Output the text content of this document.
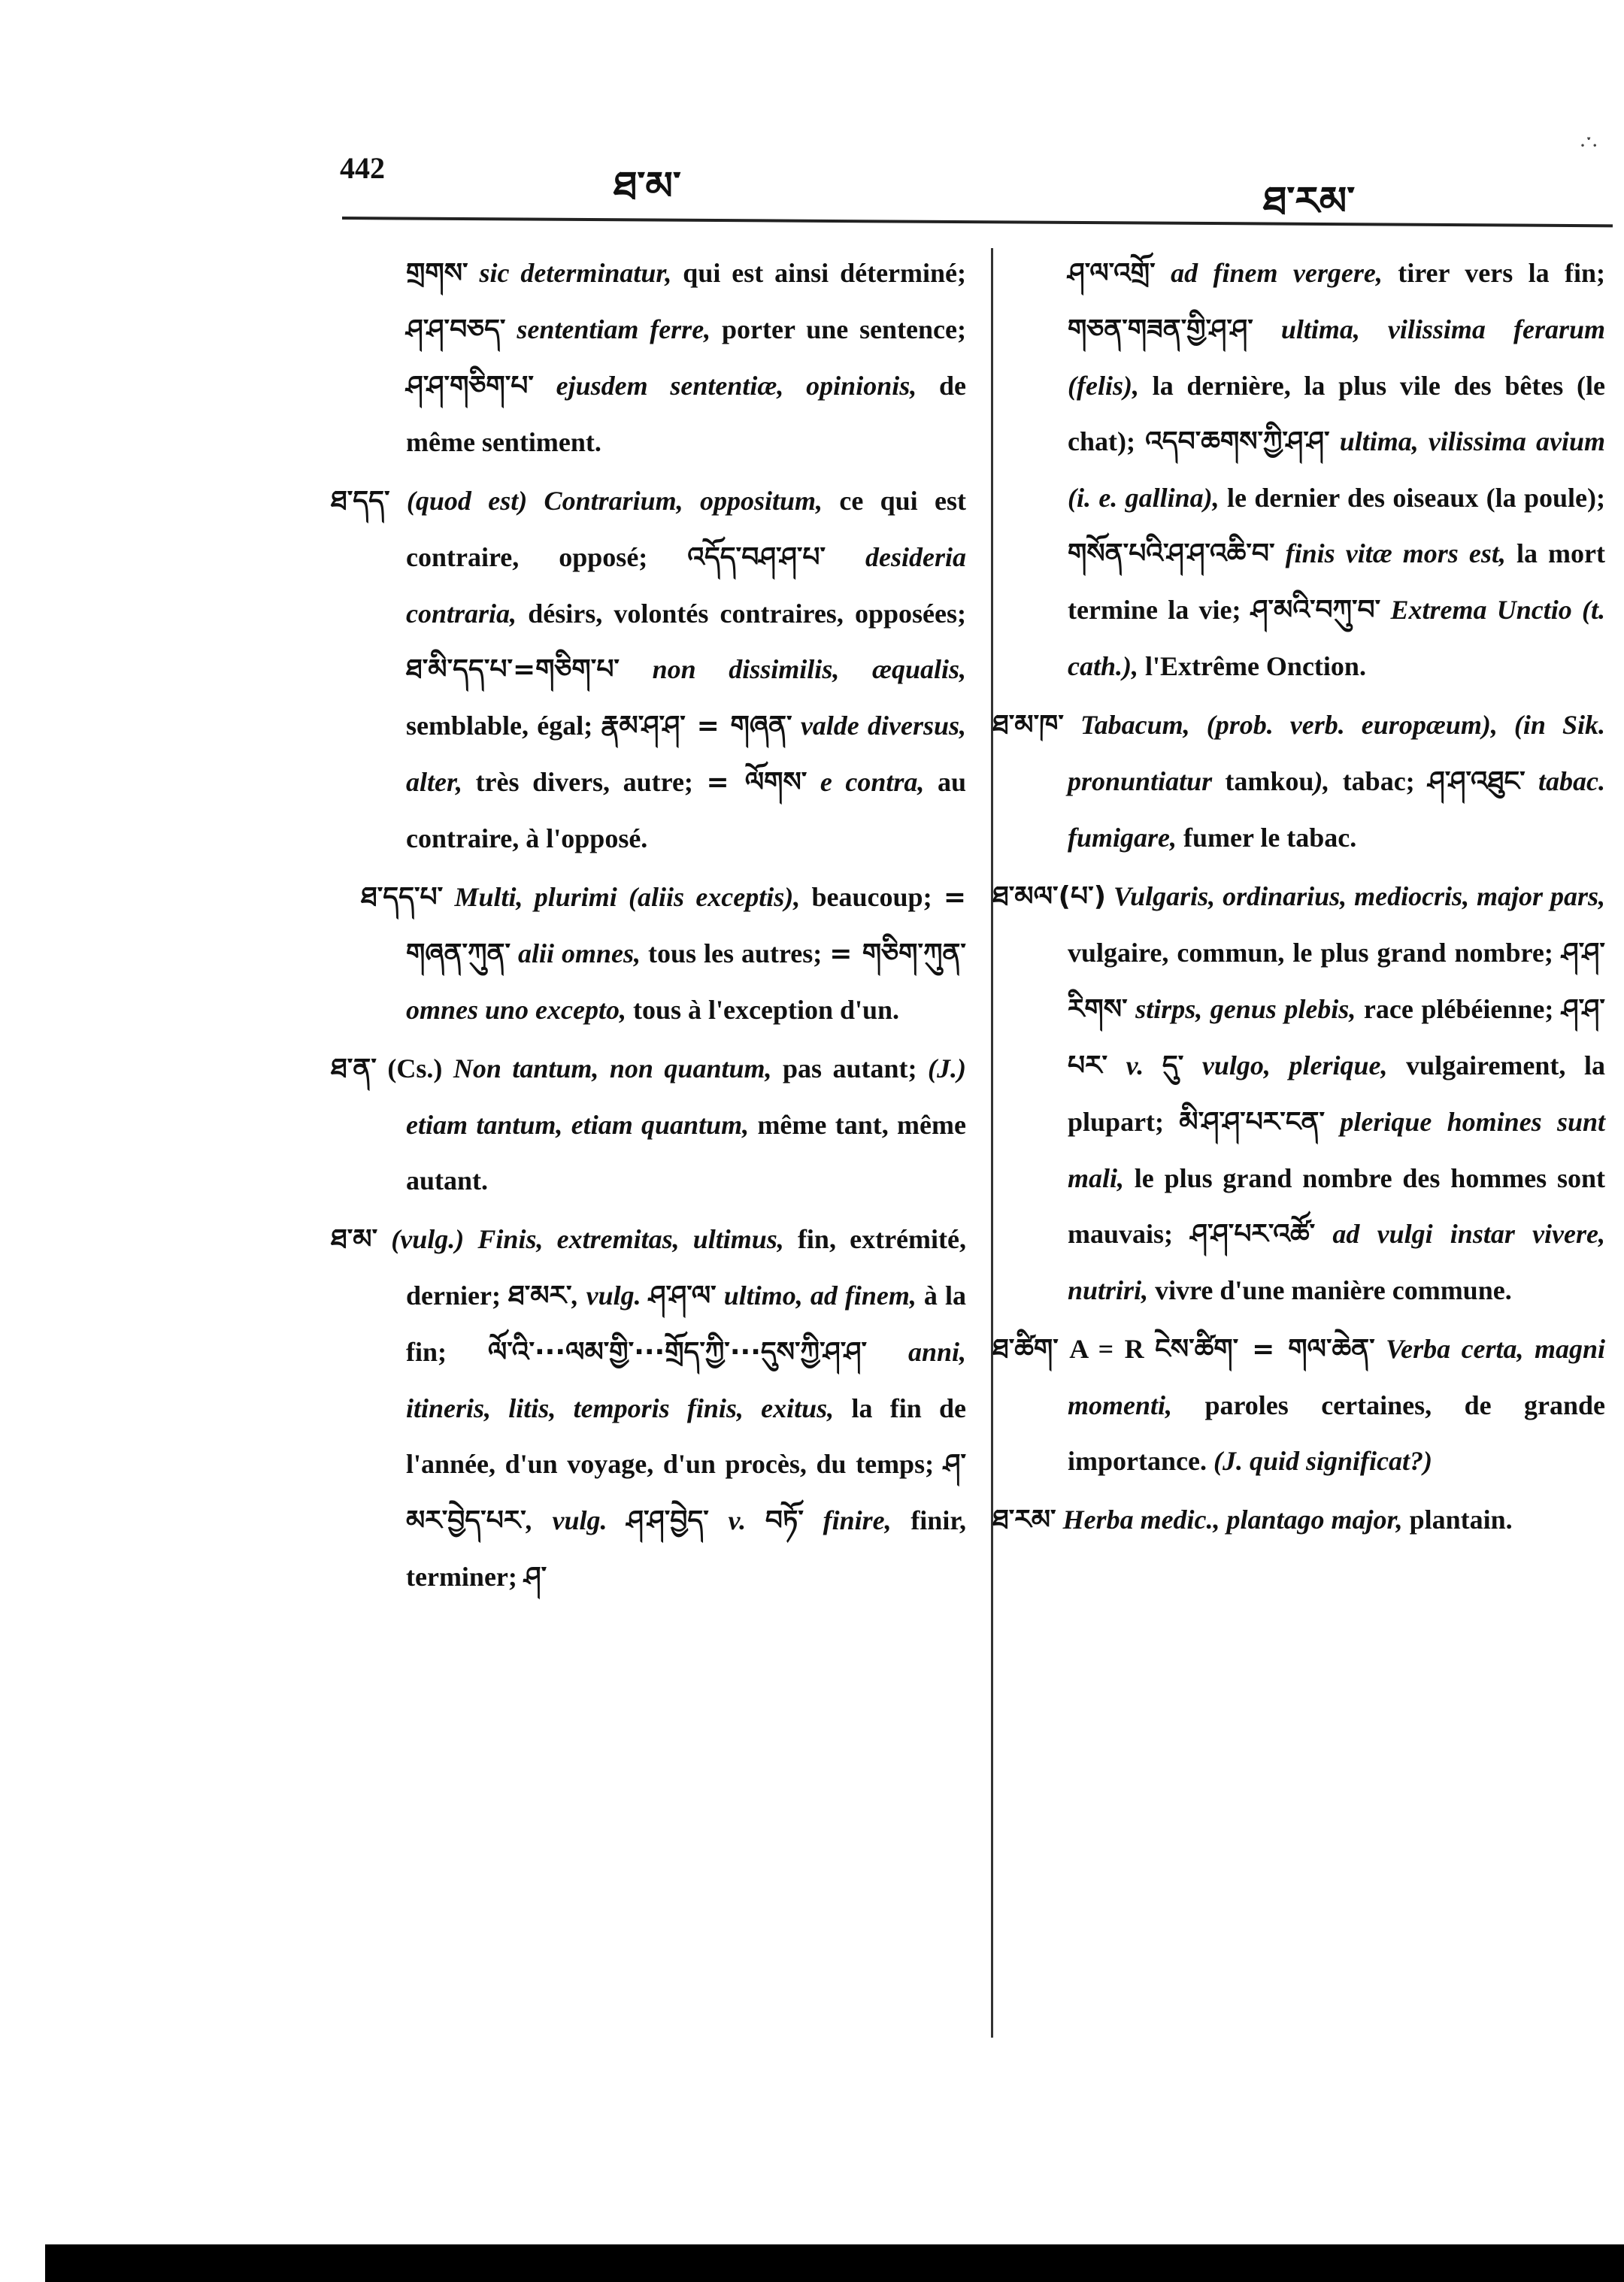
442	ཐ་མ་	ཐ་རམ་
·་·

གྲགས་ sic determinatur, qui est ainsi déterminé; ཤ་ཤ་བཅད་ sententiam ferre, porter une sentence; ཤ་ཤ་གཅིག་པ་ ejusdem sententiæ, opinionis, de même sentiment.

ཐ་དད་ (quod est) Contrarium, oppositum, ce qui est contraire, opposé; འདོད་བཤ་ཤ་པ་ desideria contraria, désirs, volontés contraires, opposées; ཐ་མི་དད་པ་=གཅིག་པ་ non dissimilis, æqualis, semblable, égal; རྣམ་ཤ་ཤ་ = གཞན་ valde diversus, alter, très divers, autre; = ལོགས་ e contra, au contraire, à l'opposé.

ཐ་དད་པ་ Multi, plurimi (aliis exceptis), beaucoup; = གཞན་ཀུན་ alii omnes, tous les autres; = གཅིག་ཀུན་ omnes uno excepto, tous à l'exception d'un.

ཐ་ན་ (Cs.) Non tantum, non quantum, pas autant; (J.) etiam tantum, etiam quantum, même tant, même autant.

ཐ་མ་ (vulg.) Finis, extremitas, ultimus, fin, extrémité, dernier; ཐ་མར་, vulg. ཤ་ཤ་ལ་ ultimo, ad finem, à la fin; ལོ་འི་···ལམ་གྱི་···གྲོད་ཀྱི་···དུས་ཀྱི་ཤ་ཤ་ anni, itineris, litis, temporis finis, exitus, la fin de l'année, d'un voyage, d'un procès, du temps; ཤ་མར་བྱེད་པར་, vulg. ཤ་ཤ་བྱེད་ v. བཏོ་ finire, finir, terminer; ཤ་

ཤ་ལ་འགྲོ་ ad finem vergere, tirer vers la fin; གཅན་གཟན་གྱི་ཤ་ཤ་ ultima, vilissima ferarum (felis), la dernière, la plus vile des bêtes (le chat); འདབ་ཆགས་ཀྱི་ཤ་ཤ་ ultima, vilissima avium (i. e. gallina), le dernier des oiseaux (la poule); གསོན་པའི་ཤ་ཤ་འཆི་བ་ finis vitæ mors est, la mort termine la vie; ཤ་མའི་བཀུ་བ་ Extrema Unctio (t. cath.), l'Extrême Onction.

ཐ་མ་ཁ་ Tabacum, (prob. verb. europæum), (in Sik. pronuntiatur tamkou), tabac; ཤ་ཤ་འཐུང་ tabac. fumigare, fumer le tabac.

ཐ་མལ་(པ་) Vulgaris, ordinarius, mediocris, major pars, vulgaire, commun, le plus grand nombre; ཤ་ཤ་རིགས་ stirps, genus plebis, race plébéienne; ཤ་ཤ་པར་ v. དུ་ vulgo, plerique, vulgairement, la plupart; མི་ཤ་ཤ་པར་ངན་ plerique homines sunt mali, le plus grand nombre des hommes sont mauvais; ཤ་ཤ་པར་འཚོ་ ad vulgi instar vivere, nutriri, vivre d'une manière commune.

ཐ་ཚིག་ A = R ངེས་ཚིག་ = གལ་ཆེན་ Verba certa, magni momenti, paroles certaines, de grande importance. (J. quid significat?)

ཐ་རམ་ Herba medic., plantago major, plantain.
